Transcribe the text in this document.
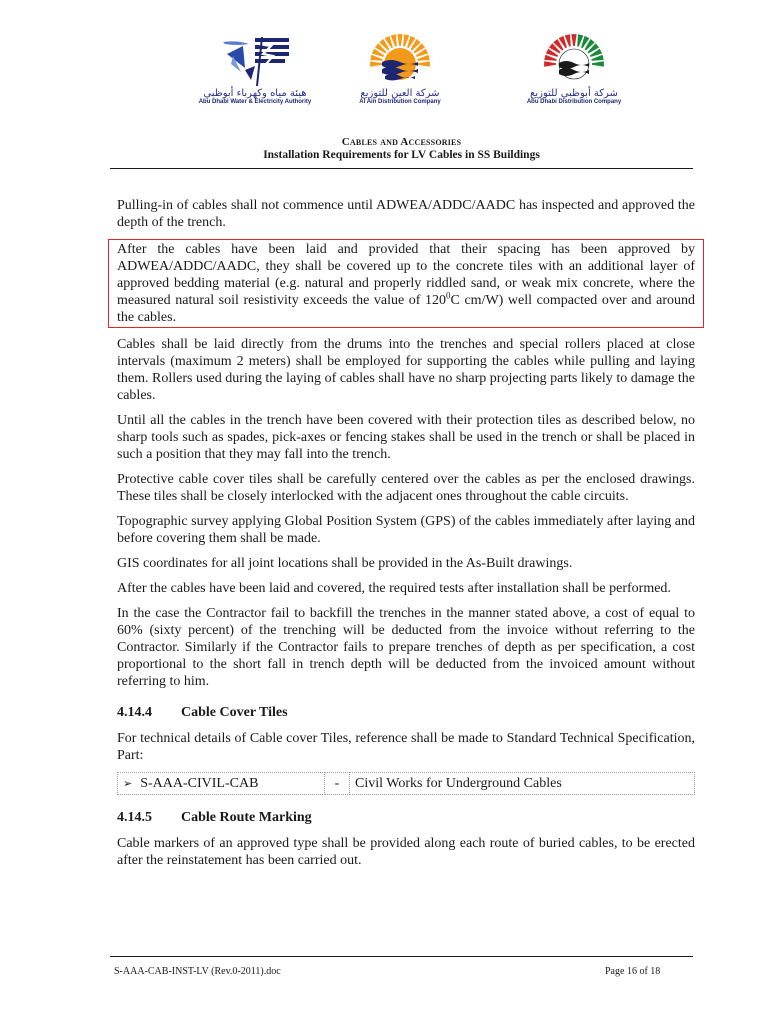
هيئة مياه وكهرباء أبوظبي
Abu Dhabi Water & Electricity Authority
شركة العين للتوزيع
Al Ain Distribution Company
شركة أبوظبي للتوزيع
Abu Dhabi Distribution Company
Cables and Accessories
Installation Requirements for LV Cables in SS Buildings

Pulling-in of cables shall not commence until ADWEA/ADDC/AADC has inspected and approved the depth of the trench.

After the cables have been laid and provided that their spacing has been approved by ADWEA/ADDC/AADC, they shall be covered up to the concrete tiles with an additional layer of approved bedding material (e.g. natural and properly riddled sand, or weak mix concrete, where the measured natural soil resistivity exceeds the value of $120^0C$ cm/W) well compacted over and around the cables.

Cables shall be laid directly from the drums into the trenches and special rollers placed at close intervals (maximum 2 meters) shall be employed for supporting the cables while pulling and laying them. Rollers used during the laying of cables shall have no sharp projecting parts likely to damage the cables.

Until all the cables in the trench have been covered with their protection tiles as described below, no sharp tools such as spades, pick-axes or fencing stakes shall be used in the trench or shall be placed in such a position that they may fall into the trench.

Protective cable cover tiles shall be carefully centered over the cables as per the enclosed drawings. These tiles shall be closely interlocked with the adjacent ones throughout the cable circuits.

Topographic survey applying Global Position System (GPS) of the cables immediately after laying and before covering them shall be made.

GIS coordinates for all joint locations shall be provided in the As-Built drawings.

After the cables have been laid and covered, the required tests after installation shall be performed.

In the case the Contractor fail to backfill the trenches in the manner stated above, a cost of equal to 60% (sixty percent) of the trenching will be deducted from the invoice without referring to the Contractor. Similarly if the Contractor fails to prepare trenches of depth as per specification, a cost proportional to the short fall in trench depth will be deducted from the invoiced amount without referring to him.

4.14.4	Cable Cover Tiles

For technical details of Cable cover Tiles, reference shall be made to Standard Technical Specification, Part:

➢ S-AAA-CIVIL-CAB	-	Civil Works for Underground Cables
4.14.5	Cable Route Marking

Cable markers of an approved type shall be provided along each route of buried cables, to be erected after the reinstatement has been carried out.

S-AAA-CAB-INST-LV (Rev.0-2011).doc	Page 16 of 18
